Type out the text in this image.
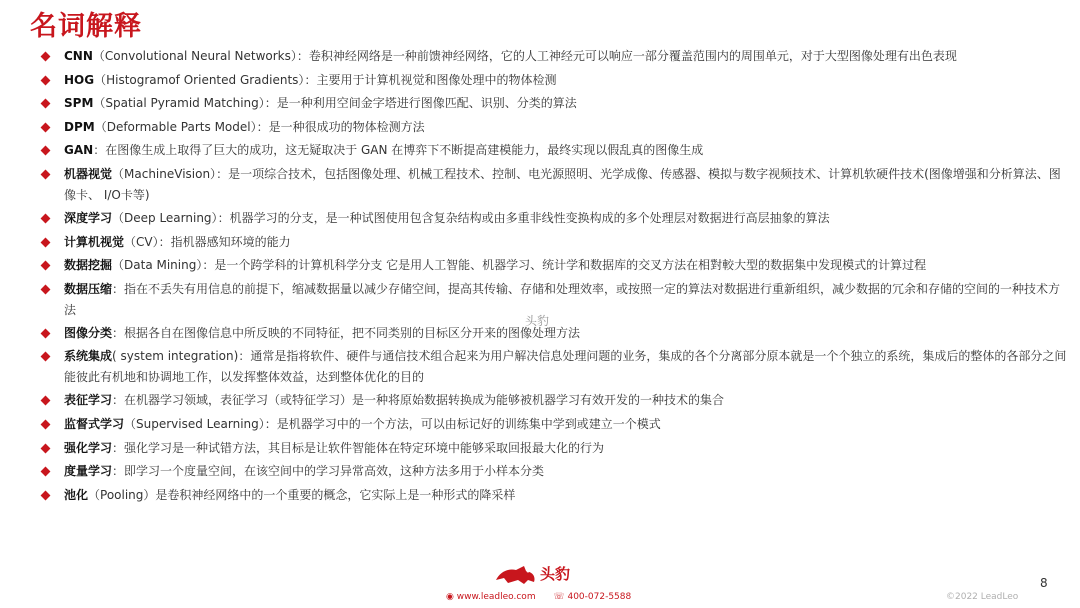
名词解释
CNN（Convolutional Neural Networks）：卷积神经网络是一种前馈神经网络，它的人工神经元可以响应一部分覆盖范围内的周围单元，对于大型图像处理有出色表现
HOG（Histogramof Oriented Gradients）：主要用于计算机视觉和图像处理中的物体检测
SPM（Spatial Pyramid Matching）：是一种利用空间金字塔进行图像匹配、识别、分类的算法
DPM（Deformable Parts Model）：是一种很成功的物体检测方法
GAN：在图像生成上取得了巨大的成功，这无疑取决于 GAN 在博弈下不断提高建模能力，最终实现以假乱真的图像生成
机器视觉（MachineVision）：是一项综合技术，包括图像处理、机械工程技术、控制、电光源照明、光学成像、传感器、模拟与数字视频技术、计算机软硬件技术(图像增强和分析算法、图像卡、 I/O卡等)
深度学习（Deep Learning）：机器学习的分支，是一种试图使用包含复杂结构或由多重非线性变换构成的多个处理层对数据进行高层抽象的算法
计算机视觉（CV）：指机器感知环境的能力
数据挖掘（Data Mining）：是一个跨学科的计算机科学分支 它是用人工智能、机器学习、统计学和数据库的交叉方法在相對較大型的数据集中发现模式的计算过程
数据压缩：指在不丢失有用信息的前提下，缩减数据量以减少存储空间，提高其传输、存储和处理效率，或按照一定的算法对数据进行重新组织，减少数据的冗余和存储的空间的一种技术方法
图像分类：根据各自在图像信息中所反映的不同特征，把不同类别的目标区分开来的图像处理方法
系统集成( system integration)：通常是指将软件、硬件与通信技术组合起来为用户解决信息处理问题的业务，集成的各个分离部分原本就是一个个独立的系统，集成后的整体的各部分之间能彼此有机地和协调地工作，以发挥整体效益，达到整体优化的目的
表征学习：在机器学习领域，表征学习（或特征学习）是一种将原始数据转换成为能够被机器学习有效开发的一种技术的集合
监督式学习（Supervised Learning）：是机器学习中的一个方法，可以由标记好的训练集中学到或建立一个模式
强化学习：强化学习是一种试错方法，其目标是让软件智能体在特定环境中能够采取回报最大化的行为
度量学习：即学习一个度量空间，在该空间中的学习异常高效，这种方法多用于小样本分类
池化（Pooling）是卷积神经网络中的一个重要的概念，它实际上是一种形式的降采样
头豹
头豹
◉ www.leadleo.com ☏ 400-072-5588
8
©2022 LeadLeo
